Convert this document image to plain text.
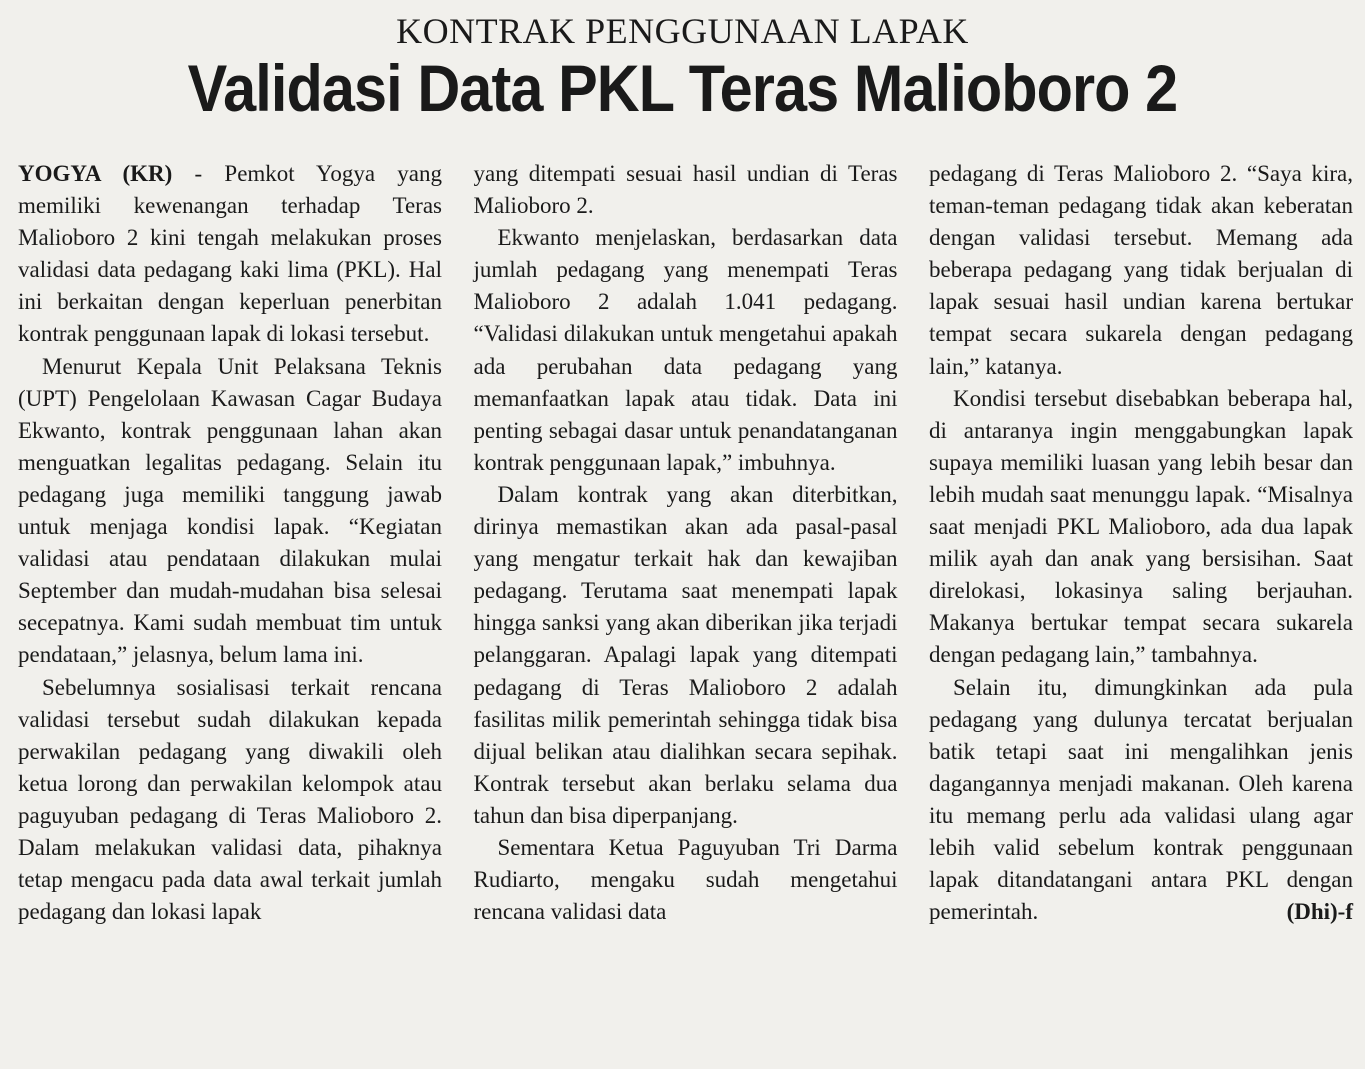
KONTRAK PENGGUNAAN LAPAK
Validasi Data PKL Teras Malioboro 2

YOGYA (KR) - Pemkot Yogya yang memiliki kewenangan terhadap Teras Malioboro 2 kini tengah melakukan proses validasi data pedagang kaki lima (PKL). Hal ini berkaitan dengan keperluan penerbitan kontrak penggunaan lapak di lokasi tersebut.

Menurut Kepala Unit Pelaksana Teknis (UPT) Pengelolaan Kawasan Cagar Budaya Ekwanto, kontrak penggunaan lahan akan menguatkan legalitas pedagang. Selain itu pedagang juga memiliki tanggung jawab untuk menjaga kondisi lapak. “Kegiatan validasi atau pendataan dilakukan mulai September dan mudah-mudahan bisa selesai secepatnya. Kami sudah membuat tim untuk pendataan,” jelasnya, belum lama ini.

Sebelumnya sosialisasi terkait rencana validasi tersebut sudah dilakukan kepada perwakilan pedagang yang diwakili oleh ketua lorong dan perwakilan kelompok atau paguyuban pedagang di Teras Malioboro 2. Dalam melakukan validasi data, pihaknya tetap mengacu pada data awal terkait jumlah pedagang dan lokasi lapak

yang ditempati sesuai hasil undian di Teras Malioboro 2.

Ekwanto menjelaskan, berdasarkan data jumlah pedagang yang menempati Teras Malioboro 2 adalah 1.041 pedagang. “Validasi dilakukan untuk mengetahui apakah ada perubahan data pedagang yang memanfaatkan lapak atau tidak. Data ini penting sebagai dasar untuk penandatanganan kontrak penggunaan lapak,” imbuhnya.

Dalam kontrak yang akan diterbitkan, dirinya memastikan akan ada pasal-pasal yang mengatur terkait hak dan kewajiban pedagang. Terutama saat menempati lapak hingga sanksi yang akan diberikan jika terjadi pelanggaran. Apalagi lapak yang ditempati pedagang di Teras Malioboro 2 adalah fasilitas milik pemerintah sehingga tidak bisa dijual belikan atau dialihkan secara sepihak. Kontrak tersebut akan berlaku selama dua tahun dan bisa diperpanjang.

Sementara Ketua Paguyuban Tri Darma Rudiarto, mengaku sudah mengetahui rencana validasi data

pedagang di Teras Malioboro 2. “Saya kira, teman-teman pedagang tidak akan keberatan dengan validasi tersebut. Memang ada beberapa pedagang yang tidak berjualan di lapak sesuai hasil undian karena bertukar tempat secara sukarela dengan pedagang lain,” katanya.

Kondisi tersebut disebabkan beberapa hal, di antaranya ingin menggabungkan lapak supaya memiliki luasan yang lebih besar dan lebih mudah saat menunggu lapak. “Misalnya saat menjadi PKL Malioboro, ada dua lapak milik ayah dan anak yang bersisihan. Saat direlokasi, lokasinya saling berjauhan. Makanya bertukar tempat secara sukarela dengan pedagang lain,” tambahnya.

Selain itu, dimungkinkan ada pula pedagang yang dulunya tercatat berjualan batik tetapi saat ini mengalihkan jenis dagangannya menjadi makanan. Oleh karena itu memang perlu ada validasi ulang agar lebih valid sebelum kontrak penggunaan lapak ditandatangani antara PKL dengan pemerintah.	(Dhi)-f
